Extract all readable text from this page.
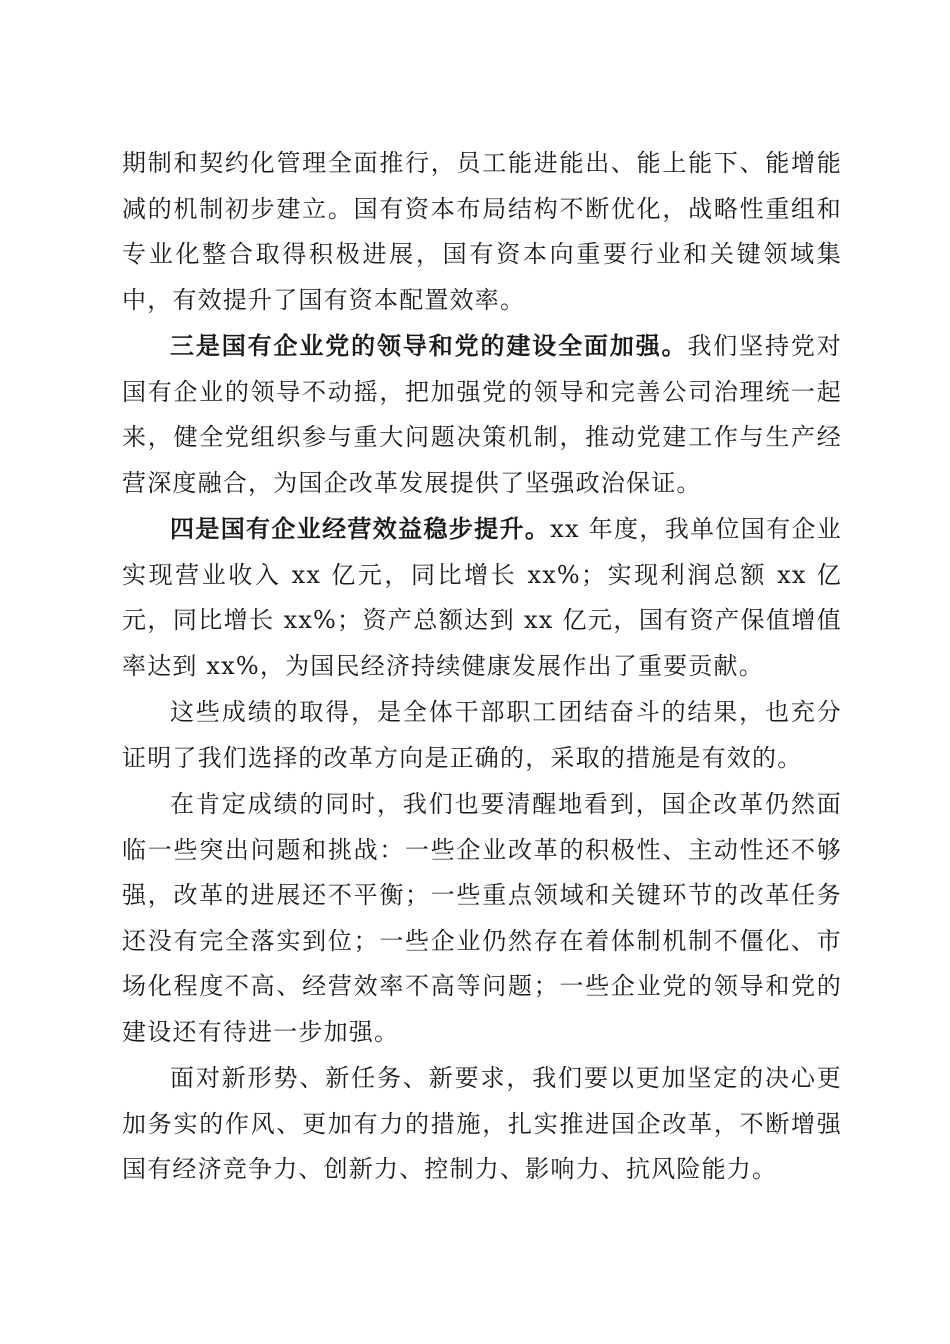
期制和契约化管理全面推行，员工能进能出、能上能下、能增能减的机制初步建立。国有资本布局结构不断优化，战略性重组和专业化整合取得积极进展，国有资本向重要行业和关键领域集中，有效提升了国有资本配置效率。

三是国有企业党的领导和党的建设全面加强。我们坚持党对国有企业的领导不动摇，把加强党的领导和完善公司治理统一起来，健全党组织参与重大问题决策机制，推动党建工作与生产经营深度融合，为国企改革发展提供了坚强政治保证。

四是国有企业经营效益稳步提升。xx 年度，我单位国有企业实现营业收入 xx 亿元，同比增长 xx%；实现利润总额 xx 亿元，同比增长 xx%；资产总额达到 xx 亿元，国有资产保值增值率达到 xx%，为国民经济持续健康发展作出了重要贡献。

这些成绩的取得，是全体干部职工团结奋斗的结果，也充分证明了我们选择的改革方向是正确的，采取的措施是有效的。

在肯定成绩的同时，我们也要清醒地看到，国企改革仍然面临一些突出问题和挑战：一些企业改革的积极性、主动性还不够强，改革的进展还不平衡；一些重点领域和关键环节的改革任务还没有完全落实到位；一些企业仍然存在着体制机制不僵化、市场化程度不高、经营效率不高等问题；一些企业党的领导和党的建设还有待进一步加强。

面对新形势、新任务、新要求，我们要以更加坚定的决心更加务实的作风、更加有力的措施，扎实推进国企改革，不断增强国有经济竞争力、创新力、控制力、影响力、抗风险能力。
